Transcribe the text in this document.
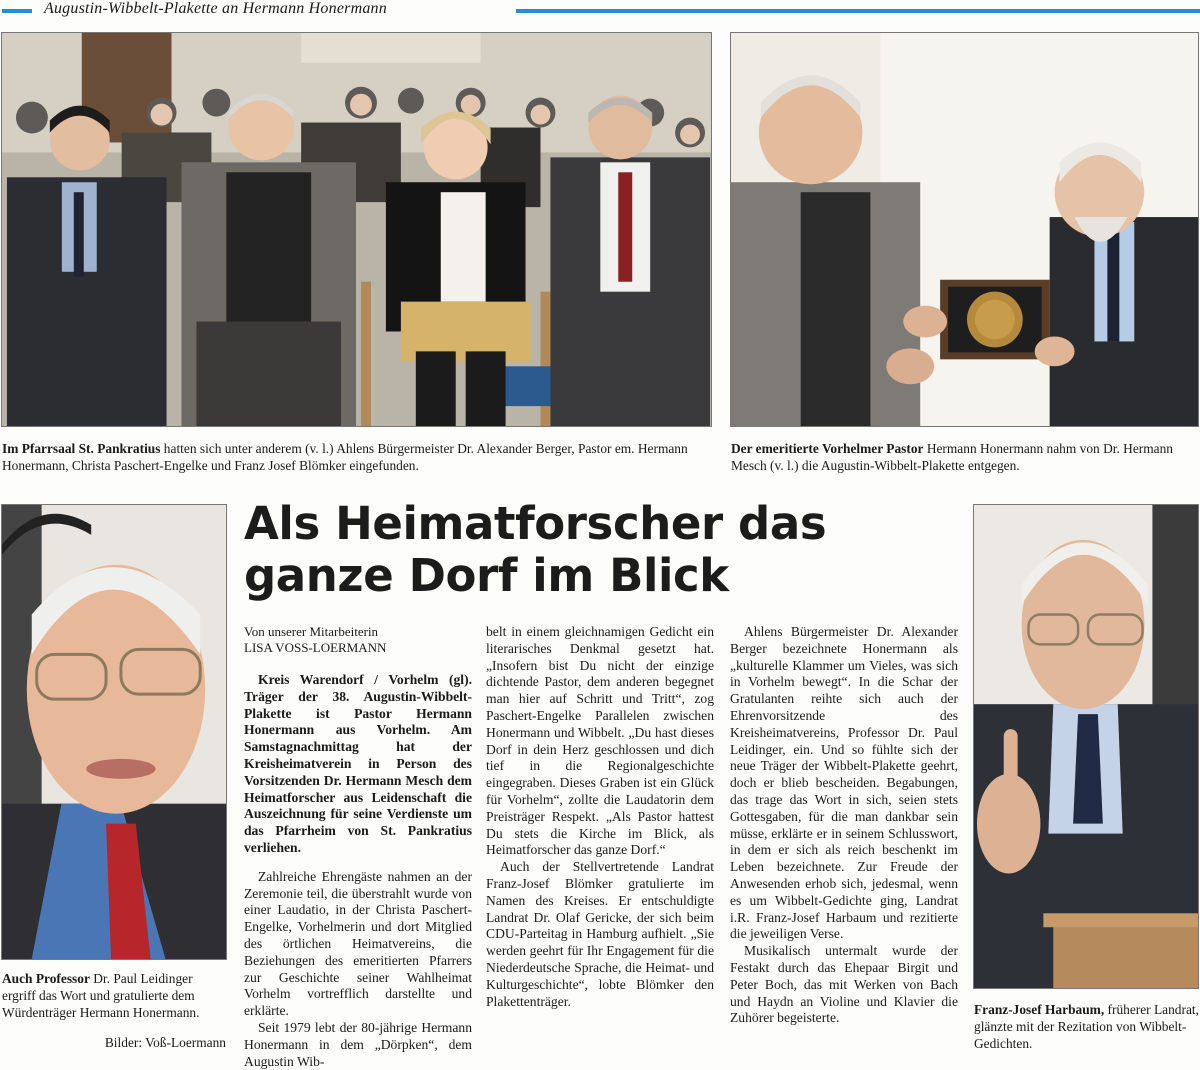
Augustin-Wibbelt-Plakette an Hermann Honermann
Im Pfarrsaal St. Pankratius hatten sich unter anderem (v. l.) Ahlens Bürgermeister Dr. Alexander Berger, Pastor em. Hermann Honermann, Christa Paschert-Engelke und Franz Josef Blömker eingefunden.
Der emeritierte Vorhelmer Pastor Hermann Honermann nahm von Dr. Hermann Mesch (v. l.) die Augustin-Wibbelt-Plakette entgegen.
Auch Professor Dr. Paul Leidinger ergriff das Wort und gratulierte dem Würdenträger Hermann Honermann.
Bilder: Voß-Loermann
Als Heimatforscher das
ganze Dorf im Blick

Von unserer Mitarbeiterin

LISA VOSS-LOERMANN

Kreis Warendorf / Vorhelm (gl). Träger der 38. Augustin-Wibbelt-Plakette ist Pastor Hermann Honermann aus Vorhelm. Am Samstagnachmittag hat der Kreisheimatverein in Person des Vorsitzenden Dr. Hermann Mesch dem Heimatforscher aus Leidenschaft die Auszeichnung für seine Verdienste um das Pfarrheim von St. Pankratius verliehen.

Zahlreiche Ehrengäste nahmen an der Zeremonie teil, die überstrahlt wurde von einer Laudatio, in der Christa Paschert-Engelke, Vorhelmerin und dort Mitglied des örtlichen Heimatvereins, die Beziehungen des emeritierten Pfarrers zur Geschichte seiner Wahlheimat Vorhelm vortrefflich darstellte und erklärte.

Seit 1979 lebt der 80-jährige Hermann Honermann in dem „Dörpken“, dem Augustin Wib-

belt in einem gleichnamigen Gedicht ein literarisches Denkmal gesetzt hat. „Insofern bist Du nicht der einzige dichtende Pastor, dem anderen begegnet man hier auf Schritt und Tritt“, zog Paschert-Engelke Parallelen zwischen Honermann und Wibbelt. „Du hast dieses Dorf in dein Herz geschlossen und dich tief in die Regionalgeschichte eingegraben. Dieses Graben ist ein Glück für Vorhelm“, zollte die Laudatorin dem Preisträger Respekt. „Als Pastor hattest Du stets die Kirche im Blick, als Heimatforscher das ganze Dorf.“

Auch der Stellvertretende Landrat Franz-Josef Blömker gratulierte im Namen des Kreises. Er entschuldigte Landrat Dr. Olaf Gericke, der sich beim CDU-Parteitag in Hamburg aufhielt. „Sie werden geehrt für Ihr Engagement für die Niederdeutsche Sprache, die Heimat- und Kulturgeschichte“, lobte Blömker den Plakettenträger.

Ahlens Bürgermeister Dr. Alexander Berger bezeichnete Honermann als „kulturelle Klammer um Vieles, was sich in Vorhelm bewegt“. In die Schar der Gratulanten reihte sich auch der Ehrenvorsitzende des Kreisheimatvereins, Professor Dr. Paul Leidinger, ein. Und so fühlte sich der neue Träger der Wibbelt-Plakette geehrt, doch er blieb bescheiden. Begabungen, das trage das Wort in sich, seien stets Gottesgaben, für die man dankbar sein müsse, erklärte er in seinem Schlusswort, in dem er sich als reich beschenkt im Leben bezeichnete. Zur Freude der Anwesenden erhob sich, jedesmal, wenn es um Wibbelt-Gedichte ging, Landrat i.R. Franz-Josef Harbaum und rezitierte die jeweiligen Verse.

Musikalisch untermalt wurde der Festakt durch das Ehepaar Birgit und Peter Boch, das mit Werken von Bach und Haydn an Violine und Klavier die Zuhörer begeisterte.

Franz-Josef Harbaum, früherer Landrat, glänzte mit der Rezitation von Wibbelt-Gedichten.
